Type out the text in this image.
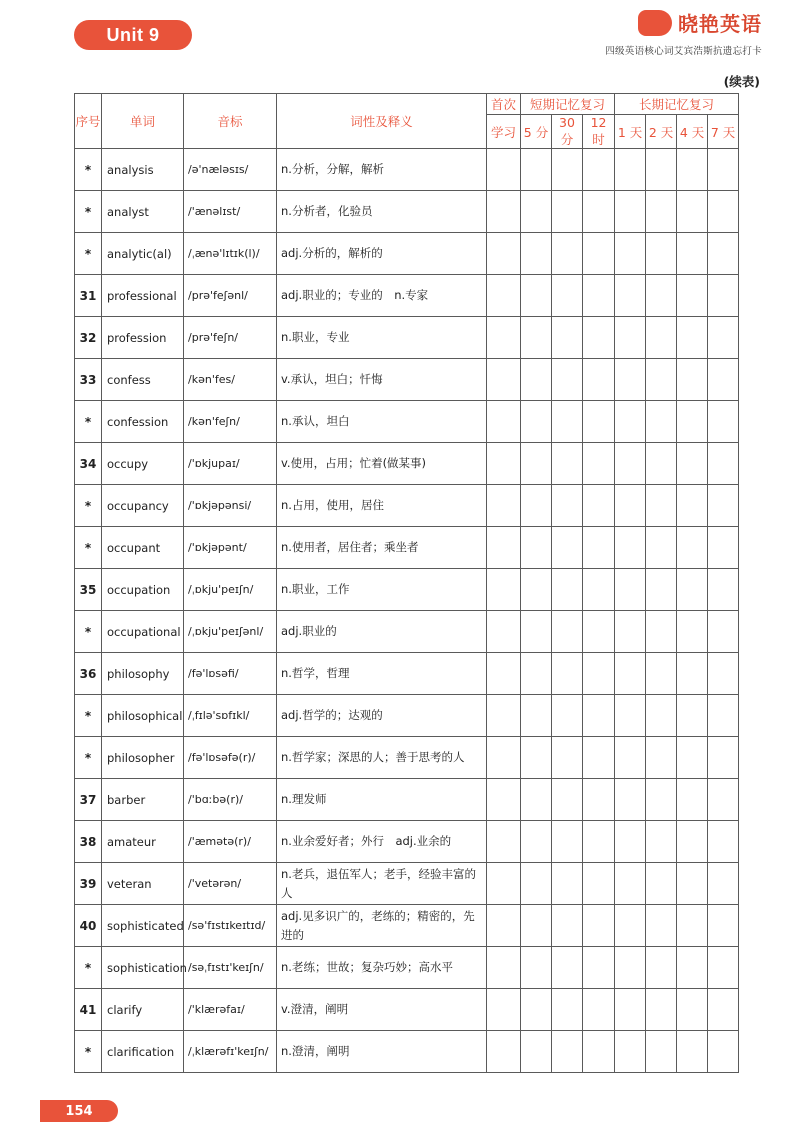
Unit 9	晓艳英语
四级英语核心词艾宾浩斯抗遗忘打卡
(续表)
序号	单词	音标	词性及释义	首次	短期记忆复习			长期记忆复习			
				学习	5 分	30 分	12 时	1 天	2 天	4 天	7 天
*	analysis	/ə'næləsɪs/	n.分析，分解，解析								
*	analyst	/'ænəlɪst/	n.分析者，化验员								
*	analytic(al)	/ˌænə'lɪtɪk(l)/	adj.分析的，解析的								
31	professional	/prə'feʃənl/	adj.职业的；专业的　n.专家								
32	profession	/prə'feʃn/	n.职业，专业								
33	confess	/kən'fes/	v.承认，坦白；忏悔								
*	confession	/kən'feʃn/	n.承认，坦白								
34	occupy	/'ɒkjupaɪ/	v.使用，占用；忙着(做某事)								
*	occupancy	/'ɒkjəpənsi/	n.占用，使用，居住								
*	occupant	/'ɒkjəpənt/	n.使用者，居住者；乘坐者								
35	occupation	/ˌɒkju'peɪʃn/	n.职业，工作								
*	occupational	/ˌɒkju'peɪʃənl/	adj.职业的								
36	philosophy	/fə'lɒsəfi/	n.哲学，哲理								
*	philosophical	/ˌfɪlə'sɒfɪkl/	adj.哲学的；达观的								
*	philosopher	/fə'lɒsəfə(r)/	n.哲学家；深思的人；善于思考的人								
37	barber	/'bɑːbə(r)/	n.理发师								
38	amateur	/'æmətə(r)/	n.业余爱好者；外行　adj.业余的								
39	veteran	/'vetərən/	n.老兵，退伍军人；老手，经验丰富的人								
40	sophisticated	/sə'fɪstɪkeɪtɪd/	adj.见多识广的，老练的；精密的，先进的								
*	sophistication	/səˌfɪstɪ'keɪʃn/	n.老练；世故；复杂巧妙；高水平								
41	clarify	/'klærəfaɪ/	v.澄清，阐明								
*	clarification	/ˌklærəfɪ'keɪʃn/	n.澄清，阐明								
154
